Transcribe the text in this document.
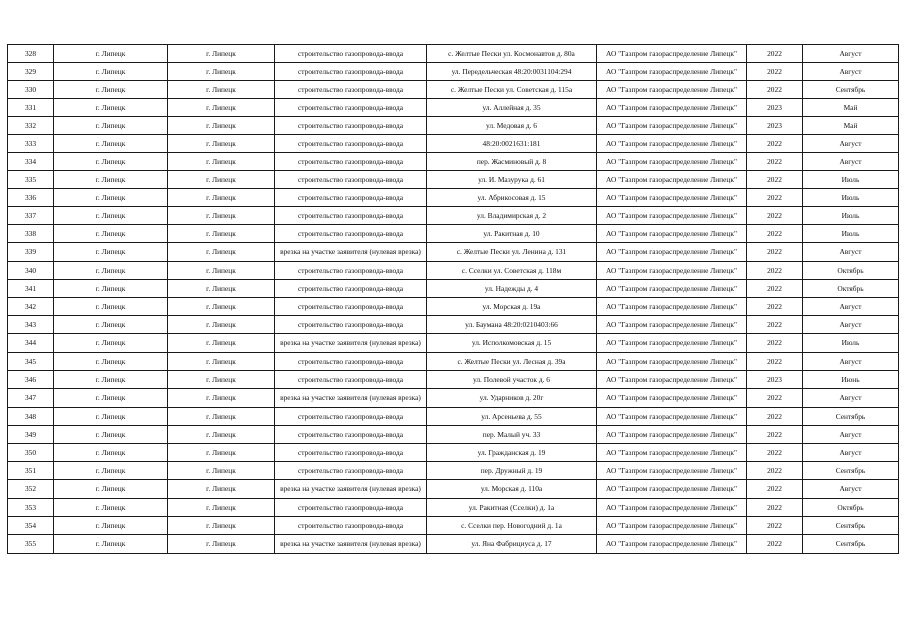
328	г. Липецк	г. Липецк	строительство газопровода-ввода	с. Желтые Пески ул. Космонавтов д. 80а	АО "Газпром газораспределение Липецк"	2022	Август
329	г. Липецк	г. Липецк	строительство газопровода-ввода	ул. Передельческая 48:20:0031104:294	АО "Газпром газораспределение Липецк"	2022	Август
330	г. Липецк	г. Липецк	строительство газопровода-ввода	с. Желтые Пески ул. Советская д. 115а	АО "Газпром газораспределение Липецк"	2022	Сентябрь
331	г. Липецк	г. Липецк	строительство газопровода-ввода	ул. Аллейная д. 35	АО "Газпром газораспределение Липецк"	2023	Май
332	г. Липецк	г. Липецк	строительство газопровода-ввода	ул. Медовая д. 6	АО "Газпром газораспределение Липецк"	2023	Май
333	г. Липецк	г. Липецк	строительство газопровода-ввода	48:20:0021631:181	АО "Газпром газораспределение Липецк"	2022	Август
334	г. Липецк	г. Липецк	строительство газопровода-ввода	пер. Жасминовый д. 8	АО "Газпром газораспределение Липецк"	2022	Август
335	г. Липецк	г. Липецк	строительство газопровода-ввода	ул. И. Мазурука д. 61	АО "Газпром газораспределение Липецк"	2022	Июль
336	г. Липецк	г. Липецк	строительство газопровода-ввода	ул. Абрикосовая д. 15	АО "Газпром газораспределение Липецк"	2022	Июль
337	г. Липецк	г. Липецк	строительство газопровода-ввода	ул. Владимирская д. 2	АО "Газпром газораспределение Липецк"	2022	Июль
338	г. Липецк	г. Липецк	строительство газопровода-ввода	ул. Ракитная д. 10	АО "Газпром газораспределение Липецк"	2022	Июль
339	г. Липецк	г. Липецк	врезка на участке заявителя (нулевая врезка)	с. Желтые Пески ул. Ленина д. 131	АО "Газпром газораспределение Липецк"	2022	Август
340	г. Липецк	г. Липецк	строительство газопровода-ввода	с. Сселки ул. Советская д. 118м	АО "Газпром газораспределение Липецк"	2022	Октябрь
341	г. Липецк	г. Липецк	строительство газопровода-ввода	ул. Надежды д. 4	АО "Газпром газораспределение Липецк"	2022	Октябрь
342	г. Липецк	г. Липецк	строительство газопровода-ввода	ул. Морская д. 19а	АО "Газпром газораспределение Липецк"	2022	Август
343	г. Липецк	г. Липецк	строительство газопровода-ввода	ул. Баумана 48:20:0210403:66	АО "Газпром газораспределение Липецк"	2022	Август
344	г. Липецк	г. Липецк	врезка на участке заявителя (нулевая врезка)	ул. Исполкомовская д. 15	АО "Газпром газораспределение Липецк"	2022	Июль
345	г. Липецк	г. Липецк	строительство газопровода-ввода	с. Желтые Пески ул. Лесная д. 39а	АО "Газпром газораспределение Липецк"	2022	Август
346	г. Липецк	г. Липецк	строительство газопровода-ввода	ул. Полевой участок д. 6	АО "Газпром газораспределение Липецк"	2023	Июнь
347	г. Липецк	г. Липецк	врезка на участке заявителя (нулевая врезка)	ул. Ударников д. 20г	АО "Газпром газораспределение Липецк"	2022	Август
348	г. Липецк	г. Липецк	строительство газопровода-ввода	ул. Арсеньева д. 55	АО "Газпром газораспределение Липецк"	2022	Сентябрь
349	г. Липецк	г. Липецк	строительство газопровода-ввода	пер. Малый уч. 33	АО "Газпром газораспределение Липецк"	2022	Август
350	г. Липецк	г. Липецк	строительство газопровода-ввода	ул. Гражданская д. 19	АО "Газпром газораспределение Липецк"	2022	Август
351	г. Липецк	г. Липецк	строительство газопровода-ввода	пер. Дружный д. 19	АО "Газпром газораспределение Липецк"	2022	Сентябрь
352	г. Липецк	г. Липецк	врезка на участке заявителя (нулевая врезка)	ул. Морская д. 110а	АО "Газпром газораспределение Липецк"	2022	Август
353	г. Липецк	г. Липецк	строительство газопровода-ввода	ул. Ракитная (Сселки) д. 1а	АО "Газпром газораспределение Липецк"	2022	Октябрь
354	г. Липецк	г. Липецк	строительство газопровода-ввода	с. Сселки пер. Новогодний д. 1а	АО "Газпром газораспределение Липецк"	2022	Сентябрь
355	г. Липецк	г. Липецк	врезка на участке заявителя (нулевая врезка)	ул. Яна Фабрициуса д. 17	АО "Газпром газораспределение Липецк"	2022	Сентябрь
